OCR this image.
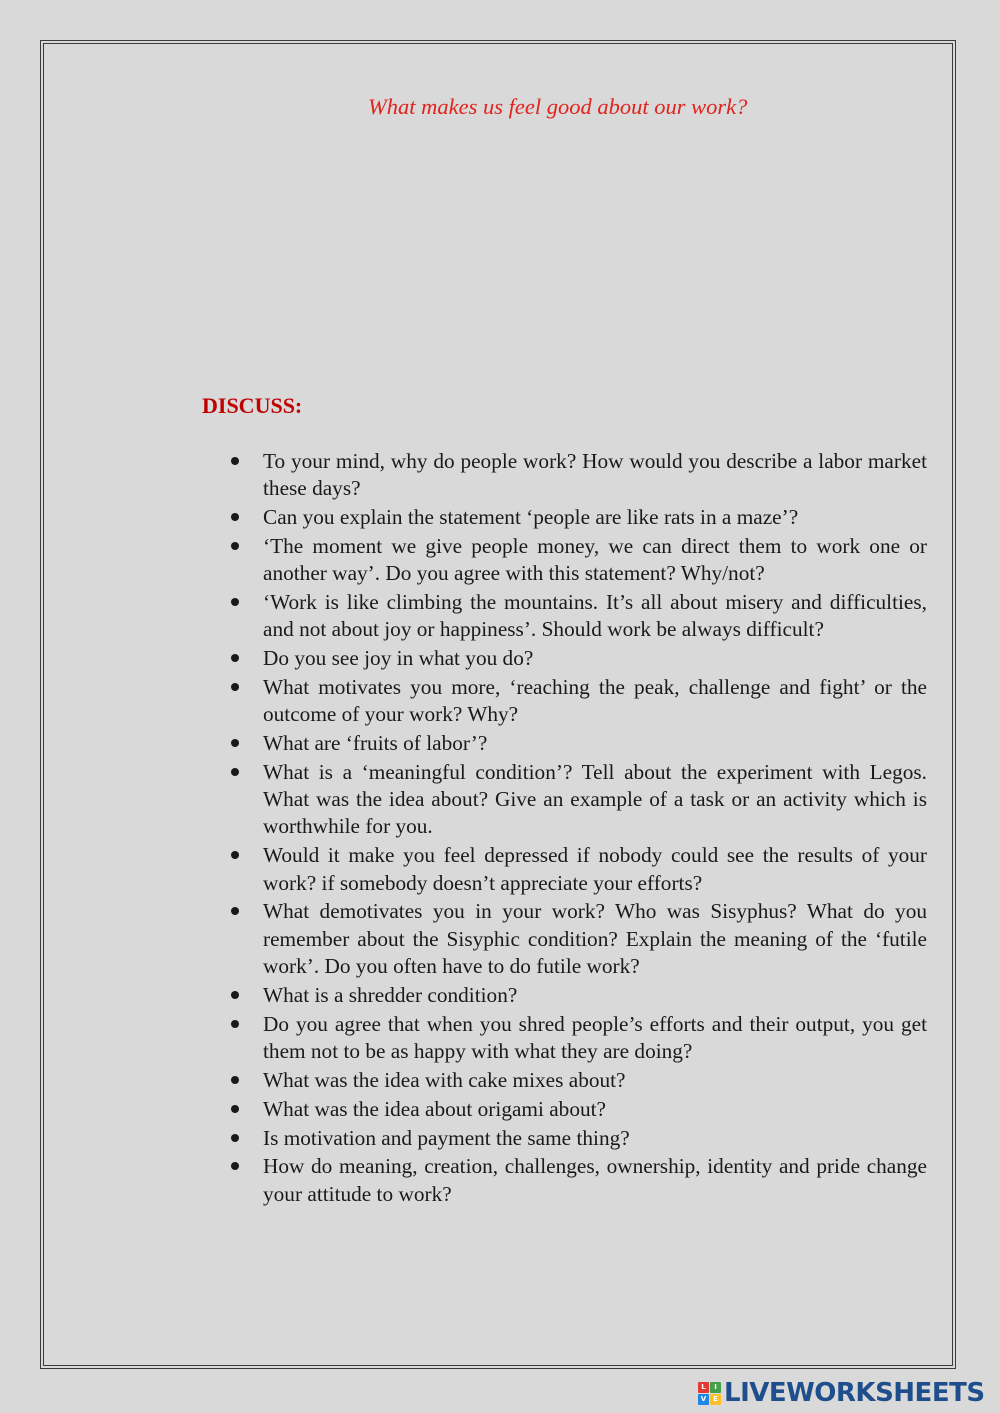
What makes us feel good about our work?
DISCUSS:
To your mind, why do people work? How would you describe a labor market these days?
Can you explain the statement ‘people are like rats in a maze’?
‘The moment we give people money, we can direct them to work one or another way’. Do you agree with this statement? Why/not?
‘Work is like climbing the mountains. It’s all about misery and difficulties, and not about joy or happiness’. Should work be always difficult?
Do you see joy in what you do?
What motivates you more, ‘reaching the peak, challenge and fight’ or the outcome of your work? Why?
What are ‘fruits of labor’?
What is a ‘meaningful condition’? Tell about the experiment with Legos. What was the idea about? Give an example of a task or an activity which is worthwhile for you.
Would it make you feel depressed if nobody could see the results of your work? if somebody doesn’t appreciate your efforts?
What demotivates you in your work? Who was Sisyphus? What do you remember about the Sisyphic condition? Explain the meaning of the ‘futile work’. Do you often have to do futile work?
What is a shredder condition?
Do you agree that when you shred people’s efforts and their output, you get them not to be as happy with what they are doing?
What was the idea with cake mixes about?
What was the idea about origami about?
Is motivation and payment the same thing?
How do meaning, creation, challenges, ownership, identity and pride change your attitude to work?
L	I
V E LIVEWORKSHEETS
